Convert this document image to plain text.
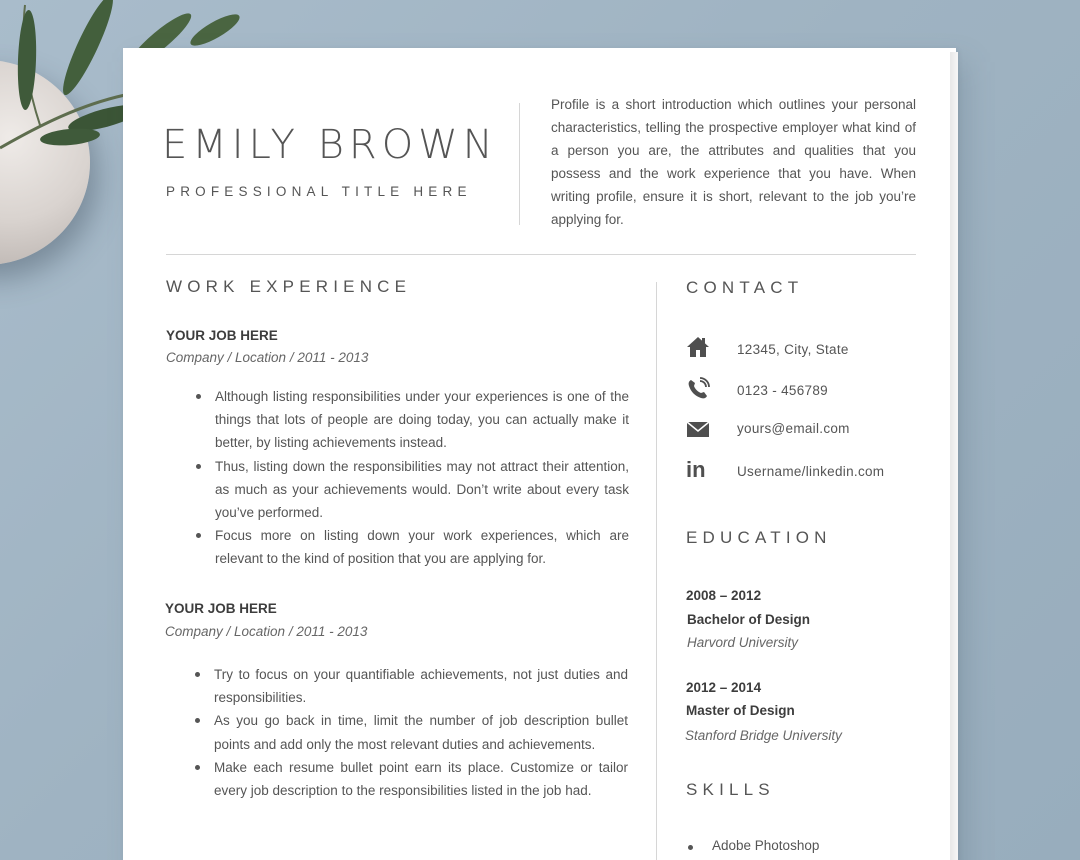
EMILY BROWN
PROFESSIONAL TITLE HERE

Profile is a short introduction which outlines your personal characteristics, telling the prospective employer what kind of a person you are, the attributes and qualities that you possess and the work experience that you have. When writing profile, ensure it is short, relevant to the job you’re applying for.

WORK EXPERIENCE
YOUR JOB HERE
Company / Location / 2011 - 2013
Although listing responsibilities under your experiences is one of the things that lots of people are doing today, you can actually make it better, by listing achievements instead.
Thus, listing down the responsibilities may not attract their attention, as much as your achievements would. Don’t write about every task you’ve performed.
Focus more on listing down your work experiences, which are relevant to the kind of position that you are applying for.
YOUR JOB HERE
Company / Location / 2011 - 2013
Try to focus on your quantifiable achievements, not just duties and responsibilities.
As you go back in time, limit the number of job description bullet points and add only the most relevant duties and achievements.
Make each resume bullet point earn its place. Customize or tailor every job description to the responsibilities listed in the job had.
CONTACT
12345, City, State
0123 - 456789
yours@email.com
in	Username/linkedin.com
EDUCATION
2008 – 2012
Bachelor of Design
Harvord University
2012 – 2014
Master of Design
Stanford Bridge University
SKILLS
Adobe Photoshop
